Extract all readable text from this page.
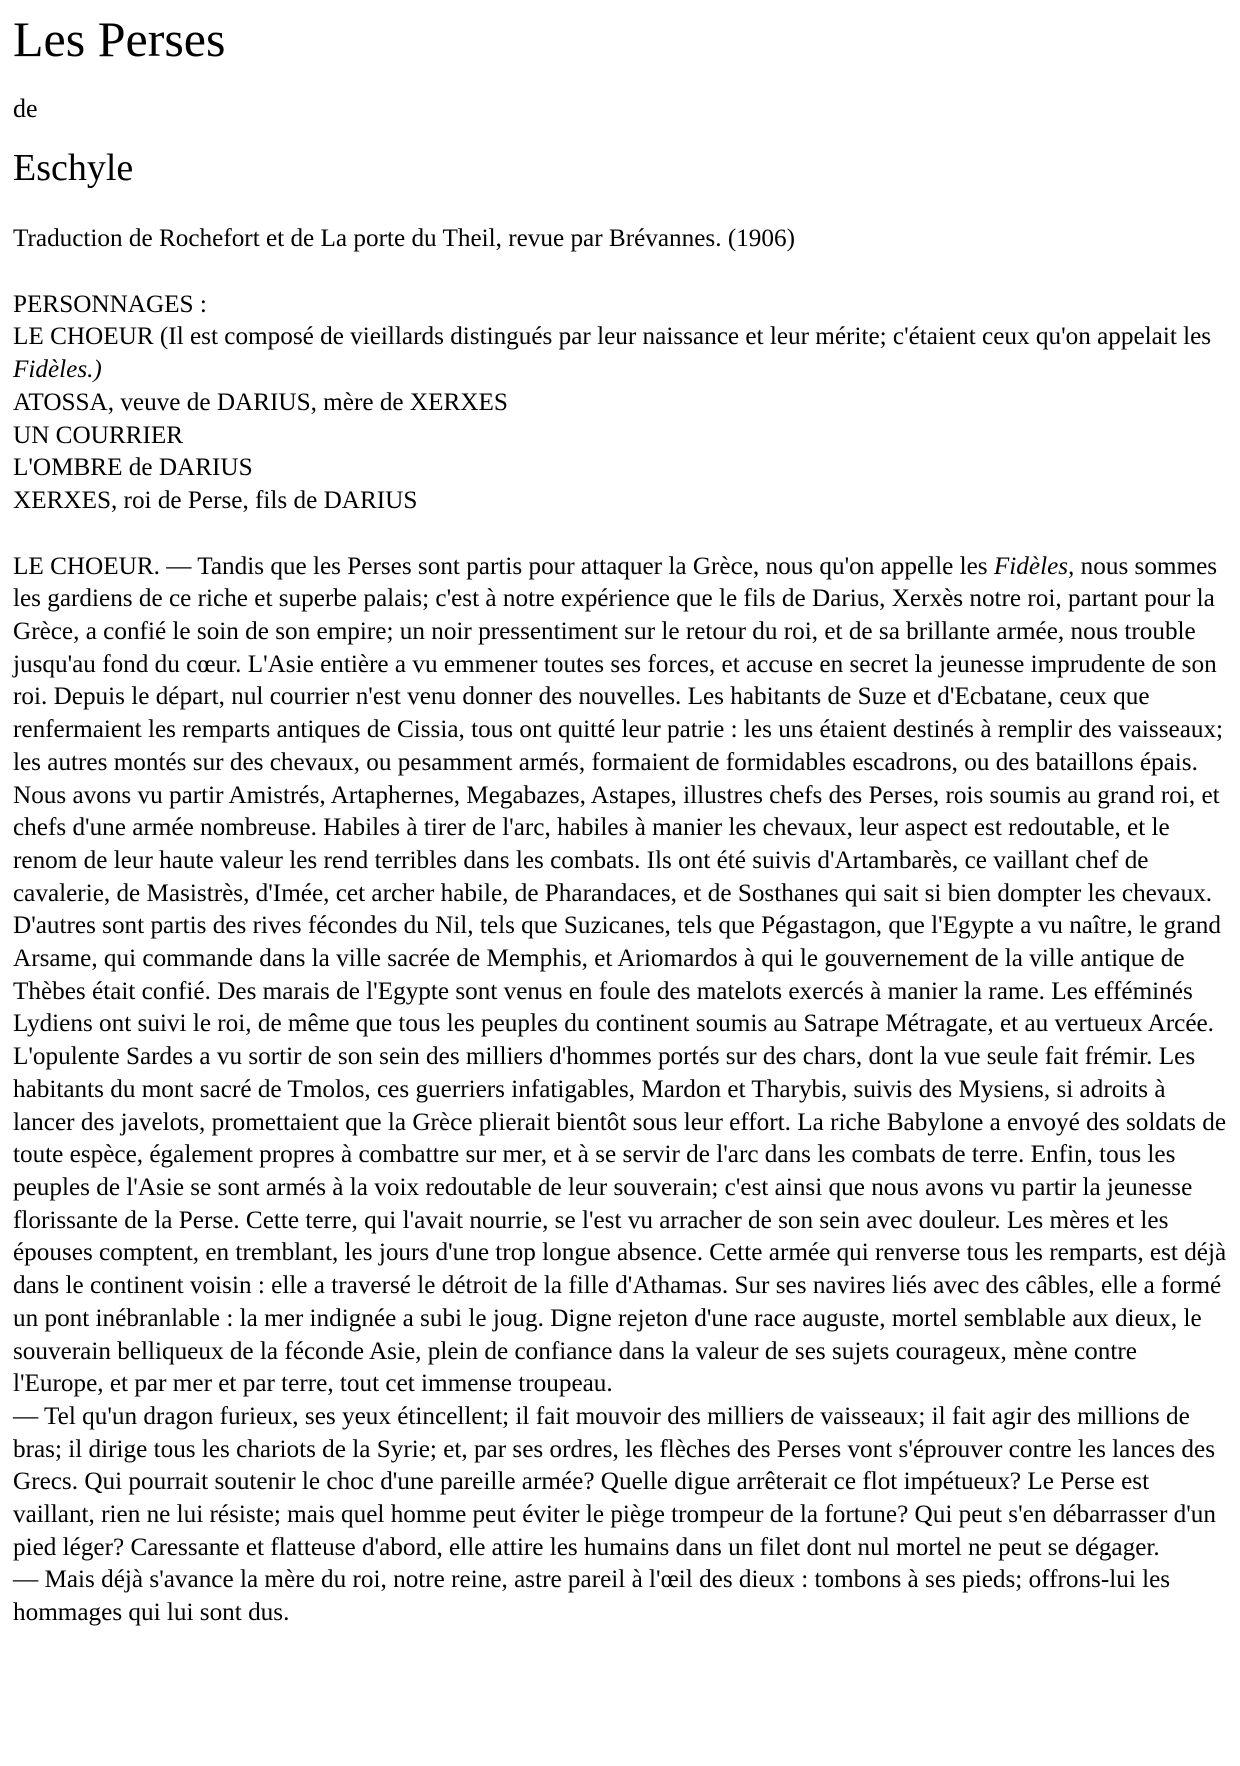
Les Perses

de

Eschyle

Traduction de Rochefort et de La porte du Theil, revue par Brévannes. (1906)

PERSONNAGES :

LE CHOEUR (Il est composé de vieillards distingués par leur naissance et leur mérite; c'étaient ceux qu'on appelait les Fidèles.)

ATOSSA, veuve de DARIUS, mère de XERXES

UN COURRIER

L'OMBRE de DARIUS

XERXES, roi de Perse, fils de DARIUS

LE CHOEUR. — Tandis que les Perses sont partis pour attaquer la Grèce, nous qu'on appelle les Fidèles, nous sommes les gardiens de ce riche et superbe palais; c'est à notre expérience que le fils de Darius, Xerxès notre roi, partant pour la Grèce, a confié le soin de son empire; un noir pressentiment sur le retour du roi, et de sa brillante armée, nous trouble jusqu'au fond du cœur. L'Asie entière a vu emmener toutes ses forces, et accuse en secret la jeunesse imprudente de son roi. Depuis le départ, nul courrier n'est venu donner des nouvelles. Les habitants de Suze et d'Ecbatane, ceux que renfermaient les remparts antiques de Cissia, tous ont quitté leur patrie : les uns étaient destinés à remplir des vaisseaux; les autres montés sur des chevaux, ou pesamment armés, formaient de formidables escadrons, ou des bataillons épais. Nous avons vu partir Amistrés, Artaphernes, Megabazes, Astapes, illustres chefs des Perses, rois soumis au grand roi, et chefs d'une armée nombreuse. Habiles à tirer de l'arc, habiles à manier les chevaux, leur aspect est redoutable, et le renom de leur haute valeur les rend terribles dans les combats. Ils ont été suivis d'Artambarès, ce vaillant chef de cavalerie, de Masistrès, d'Imée, cet archer habile, de Pharandaces, et de Sosthanes qui sait si bien dompter les chevaux. D'autres sont partis des rives fécondes du Nil, tels que Suzicanes, tels que Pégastagon, que l'Egypte a vu naître, le grand Arsame, qui commande dans la ville sacrée de Memphis, et Ariomardos à qui le gouvernement de la ville antique de Thèbes était confié. Des marais de l'Egypte sont venus en foule des matelots exercés à manier la rame. Les efféminés Lydiens ont suivi le roi, de même que tous les peuples du continent soumis au Satrape Métragate, et au vertueux Arcée. L'opulente Sardes a vu sortir de son sein des milliers d'hommes portés sur des chars, dont la vue seule fait frémir. Les habitants du mont sacré de Tmolos, ces guerriers infatigables, Mardon et Tharybis, suivis des Mysiens, si adroits à lancer des javelots, promettaient que la Grèce plierait bientôt sous leur effort. La riche Babylone a envoyé des soldats de toute espèce, également propres à combattre sur mer, et à se servir de l'arc dans les combats de terre. Enfin, tous les peuples de l'Asie se sont armés à la voix redoutable de leur souverain; c'est ainsi que nous avons vu partir la jeunesse florissante de la Perse. Cette terre, qui l'avait nourrie, se l'est vu arracher de son sein avec douleur. Les mères et les épouses comptent, en tremblant, les jours d'une trop longue absence. Cette armée qui renverse tous les remparts, est déjà dans le continent voisin : elle a traversé le détroit de la fille d'Athamas. Sur ses navires liés avec des câbles, elle a formé un pont inébranlable : la mer indignée a subi le joug. Digne rejeton d'une race auguste, mortel semblable aux dieux, le souverain belliqueux de la féconde Asie, plein de confiance dans la valeur de ses sujets courageux, mène contre l'Europe, et par mer et par terre, tout cet immense troupeau.

— Tel qu'un dragon furieux, ses yeux étincellent; il fait mouvoir des milliers de vaisseaux; il fait agir des millions de bras; il dirige tous les chariots de la Syrie; et, par ses ordres, les flèches des Perses vont s'éprouver contre les lances des Grecs. Qui pourrait soutenir le choc d'une pareille armée? Quelle digue arrêterait ce flot impétueux? Le Perse est vaillant, rien ne lui résiste; mais quel homme peut éviter le piège trompeur de la fortune? Qui peut s'en débarrasser d'un pied léger? Caressante et flatteuse d'abord, elle attire les humains dans un filet dont nul mortel ne peut se dégager.

— Mais déjà s'avance la mère du roi, notre reine, astre pareil à l'œil des dieux : tombons à ses pieds; offrons-lui les hommages qui lui sont dus.
